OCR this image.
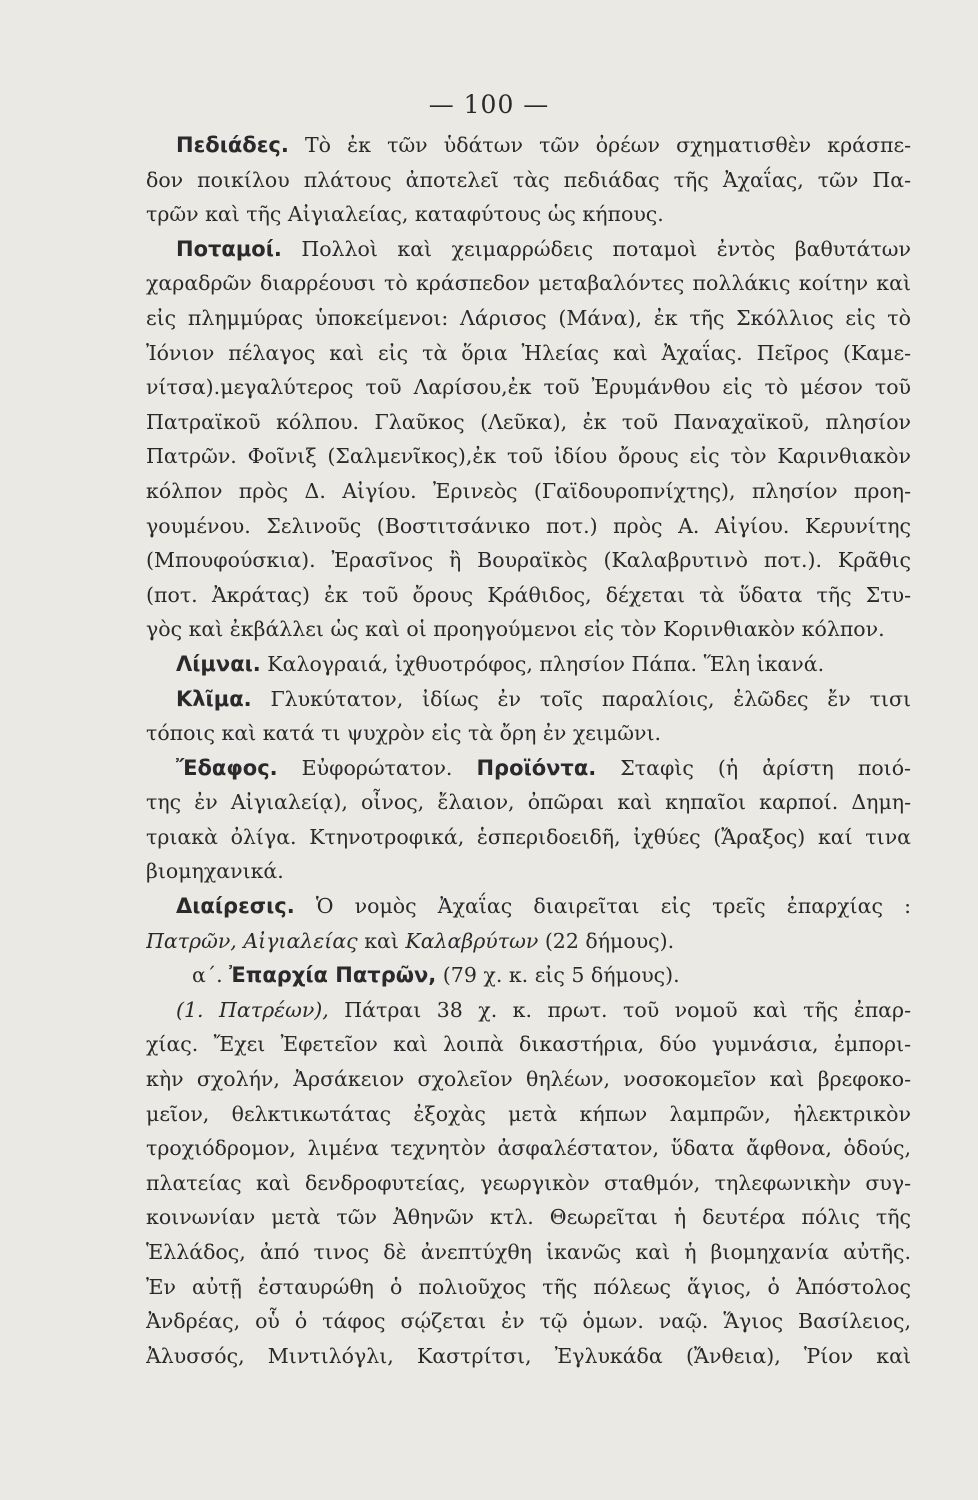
— 100 —
Πεδιάδες. Τὸ ἐκ τῶν ὑδάτων τῶν ὀρέων σχηματισθὲν κράσπε-
δον ποικίλου πλάτους ἀποτελεῖ τὰς πεδιάδας τῆς Ἀχαΐας, τῶν Πα-
τρῶν καὶ τῆς Αἰγιαλείας, καταφύτους ὡς κήπους.
Ποταμοί. Πολλοὶ καὶ χειμαρρώδεις ποταμοὶ ἐντὸς βαθυτάτων
χαραδρῶν διαρρέουσι τὸ κράσπεδον μεταβαλόντες πολλάκις κοίτην καὶ
εἰς πλημμύρας ὑποκείμενοι: Λάρισος (Μάνα), ἐκ τῆς Σκόλλιος εἰς τὸ
Ἰόνιον πέλαγος καὶ εἰς τὰ ὅρια Ἠλείας καὶ Ἀχαΐας. Πεῖρος (Καμε-
νίτσα).μεγαλύτερος τοῦ Λαρίσου,ἐκ τοῦ Ἐρυμάνθου εἰς τὸ μέσον τοῦ
Πατραϊκοῦ κόλπου. Γλαῦκος (Λεῦκα), ἐκ τοῦ Παναχαϊκοῦ, πλησίον
Πατρῶν. Φοῖνιξ (Σαλμενῖκος),ἐκ τοῦ ἰδίου ὄρους εἰς τὸν Καρινθιακὸν
κόλπον πρὸς Δ. Αἰγίου. Ἐρινεὸς (Γαϊδουροπνίχτης), πλησίον προη-
γουμένου. Σελινοῦς (Βοστιτσάνικο ποτ.) πρὸς Α. Αἰγίου. Κερυνίτης
(Μπουφούσκια). Ἐρασῖνος ἢ Βουραϊκὸς (Καλαβρυτινὸ ποτ.). Κρᾶθις
(ποτ. Ἀκράτας) ἐκ τοῦ ὄρους Κράθιδος, δέχεται τὰ ὕδατα τῆς Στυ-
γὸς καὶ ἐκβάλλει ὡς καὶ οἱ προηγούμενοι εἰς τὸν Κορινθιακὸν κόλπον.
Λίμναι. Καλογραιά, ἰχθυοτρόφος, πλησίον Πάπα. Ἕλη ἱκανά.
Κλῖμα. Γλυκύτατον, ἰδίως ἐν τοῖς παραλίοις, ἑλῶδες ἔν τισι
τόποις καὶ κατά τι ψυχρὸν εἰς τὰ ὄρη ἐν χειμῶνι.
Ἔδαφος. Εὐφορώτατον. Προϊόντα. Σταφὶς (ἡ ἀρίστη ποιό-
της ἐν Αἰγιαλείᾳ), οἶνος, ἔλαιον, ὀπῶραι καὶ κηπαῖοι καρποί. Δημη-
τριακὰ ὀλίγα. Κτηνοτροφικά, ἑσπεριδοειδῆ, ἰχθύες (Ἄραξος) καί τινα
βιομηχανικά.
Διαίρεσις. Ὁ νομὸς Ἀχαΐας διαιρεῖται εἰς τρεῖς ἐπαρχίας :
Πατρῶν, Αἰγιαλείας καὶ Καλαβρύτων (22 δήμους).
α΄. Ἐπαρχία Πατρῶν, (79 χ. κ. εἰς 5 δήμους).
(1. Πατρέων), Πάτραι 38 χ. κ. πρωτ. τοῦ νομοῦ καὶ τῆς ἐπαρ-
χίας. Ἔχει Ἐφετεῖον καὶ λοιπὰ δικαστήρια, δύο γυμνάσια, ἐμπορι-
κὴν σχολήν, Ἀρσάκειον σχολεῖον θηλέων, νοσοκομεῖον καὶ βρεφοκο-
μεῖον, θελκτικωτάτας ἐξοχὰς μετὰ κήπων λαμπρῶν, ἠλεκτρικὸν
τροχιόδρομον, λιμένα τεχνητὸν ἀσφαλέστατον, ὕδατα ἄφθονα, ὁδούς,
πλατείας καὶ δενδροφυτείας, γεωργικὸν σταθμόν, τηλεφωνικὴν συγ-
κοινωνίαν μετὰ τῶν Ἀθηνῶν κτλ. Θεωρεῖται ἡ δευτέρα πόλις τῆς
Ἑλλάδος, ἀπό τινος δὲ ἀνεπτύχθη ἱκανῶς καὶ ἡ βιομηχανία αὐτῆς.
Ἐν αὐτῇ ἐσταυρώθη ὁ πολιοῦχος τῆς πόλεως ἅγιος, ὁ Ἀπόστολος
Ἀνδρέας, οὗ ὁ τάφος σῴζεται ἐν τῷ ὁμων. ναῷ. Ἅγιος Βασίλειος,
Ἀλυσσός, Μιντιλόγλι, Καστρίτσι, Ἐγλυκάδα (Ἄνθεια), Ῥίον καὶ
